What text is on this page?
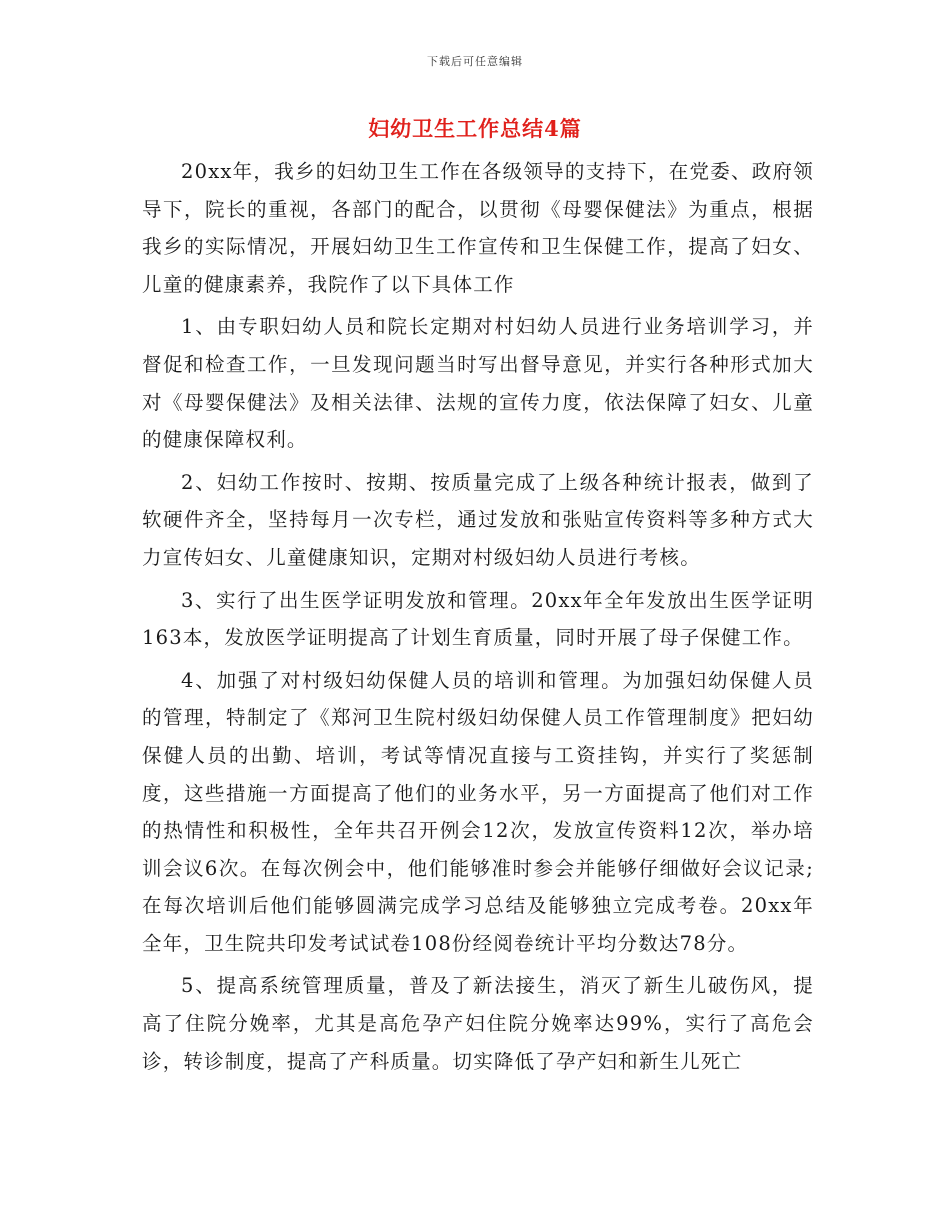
下载后可任意编辑
妇幼卫生工作总结4篇

20xx年，我乡的妇幼卫生工作在各级领导的支持下，在党委、政府领导下，院长的重视，各部门的配合，以贯彻《母婴保健法》为重点，根据我乡的实际情况，开展妇幼卫生工作宣传和卫生保健工作，提高了妇女、儿童的健康素养，我院作了以下具体工作

1、由专职妇幼人员和院长定期对村妇幼人员进行业务培训学习，并督促和检查工作，一旦发现问题当时写出督导意见，并实行各种形式加大对《母婴保健法》及相关法律、法规的宣传力度，依法保障了妇女、儿童的健康保障权利。

2、妇幼工作按时、按期、按质量完成了上级各种统计报表，做到了软硬件齐全，坚持每月一次专栏，通过发放和张贴宣传资料等多种方式大力宣传妇女、儿童健康知识，定期对村级妇幼人员进行考核。

3、实行了出生医学证明发放和管理。20xx年全年发放出生医学证明163本，发放医学证明提高了计划生育质量，同时开展了母子保健工作。

4、加强了对村级妇幼保健人员的培训和管理。为加强妇幼保健人员的管理，特制定了《郑河卫生院村级妇幼保健人员工作管理制度》把妇幼保健人员的出勤、培训，考试等情况直接与工资挂钩，并实行了奖惩制度，这些措施一方面提高了他们的业务水平，另一方面提高了他们对工作的热情性和积极性，全年共召开例会12次，发放宣传资料12次，举办培训会议6次。在每次例会中，他们能够准时参会并能够仔细做好会议记录;在每次培训后他们能够圆满完成学习总结及能够独立完成考卷。20xx年全年，卫生院共印发考试试卷108份经阅卷统计平均分数达78分。

5、提高系统管理质量，普及了新法接生，消灭了新生儿破伤风，提高了住院分娩率，尤其是高危孕产妇住院分娩率达99%，实行了高危会诊，转诊制度，提高了产科质量。切实降低了孕产妇和新生儿死亡
